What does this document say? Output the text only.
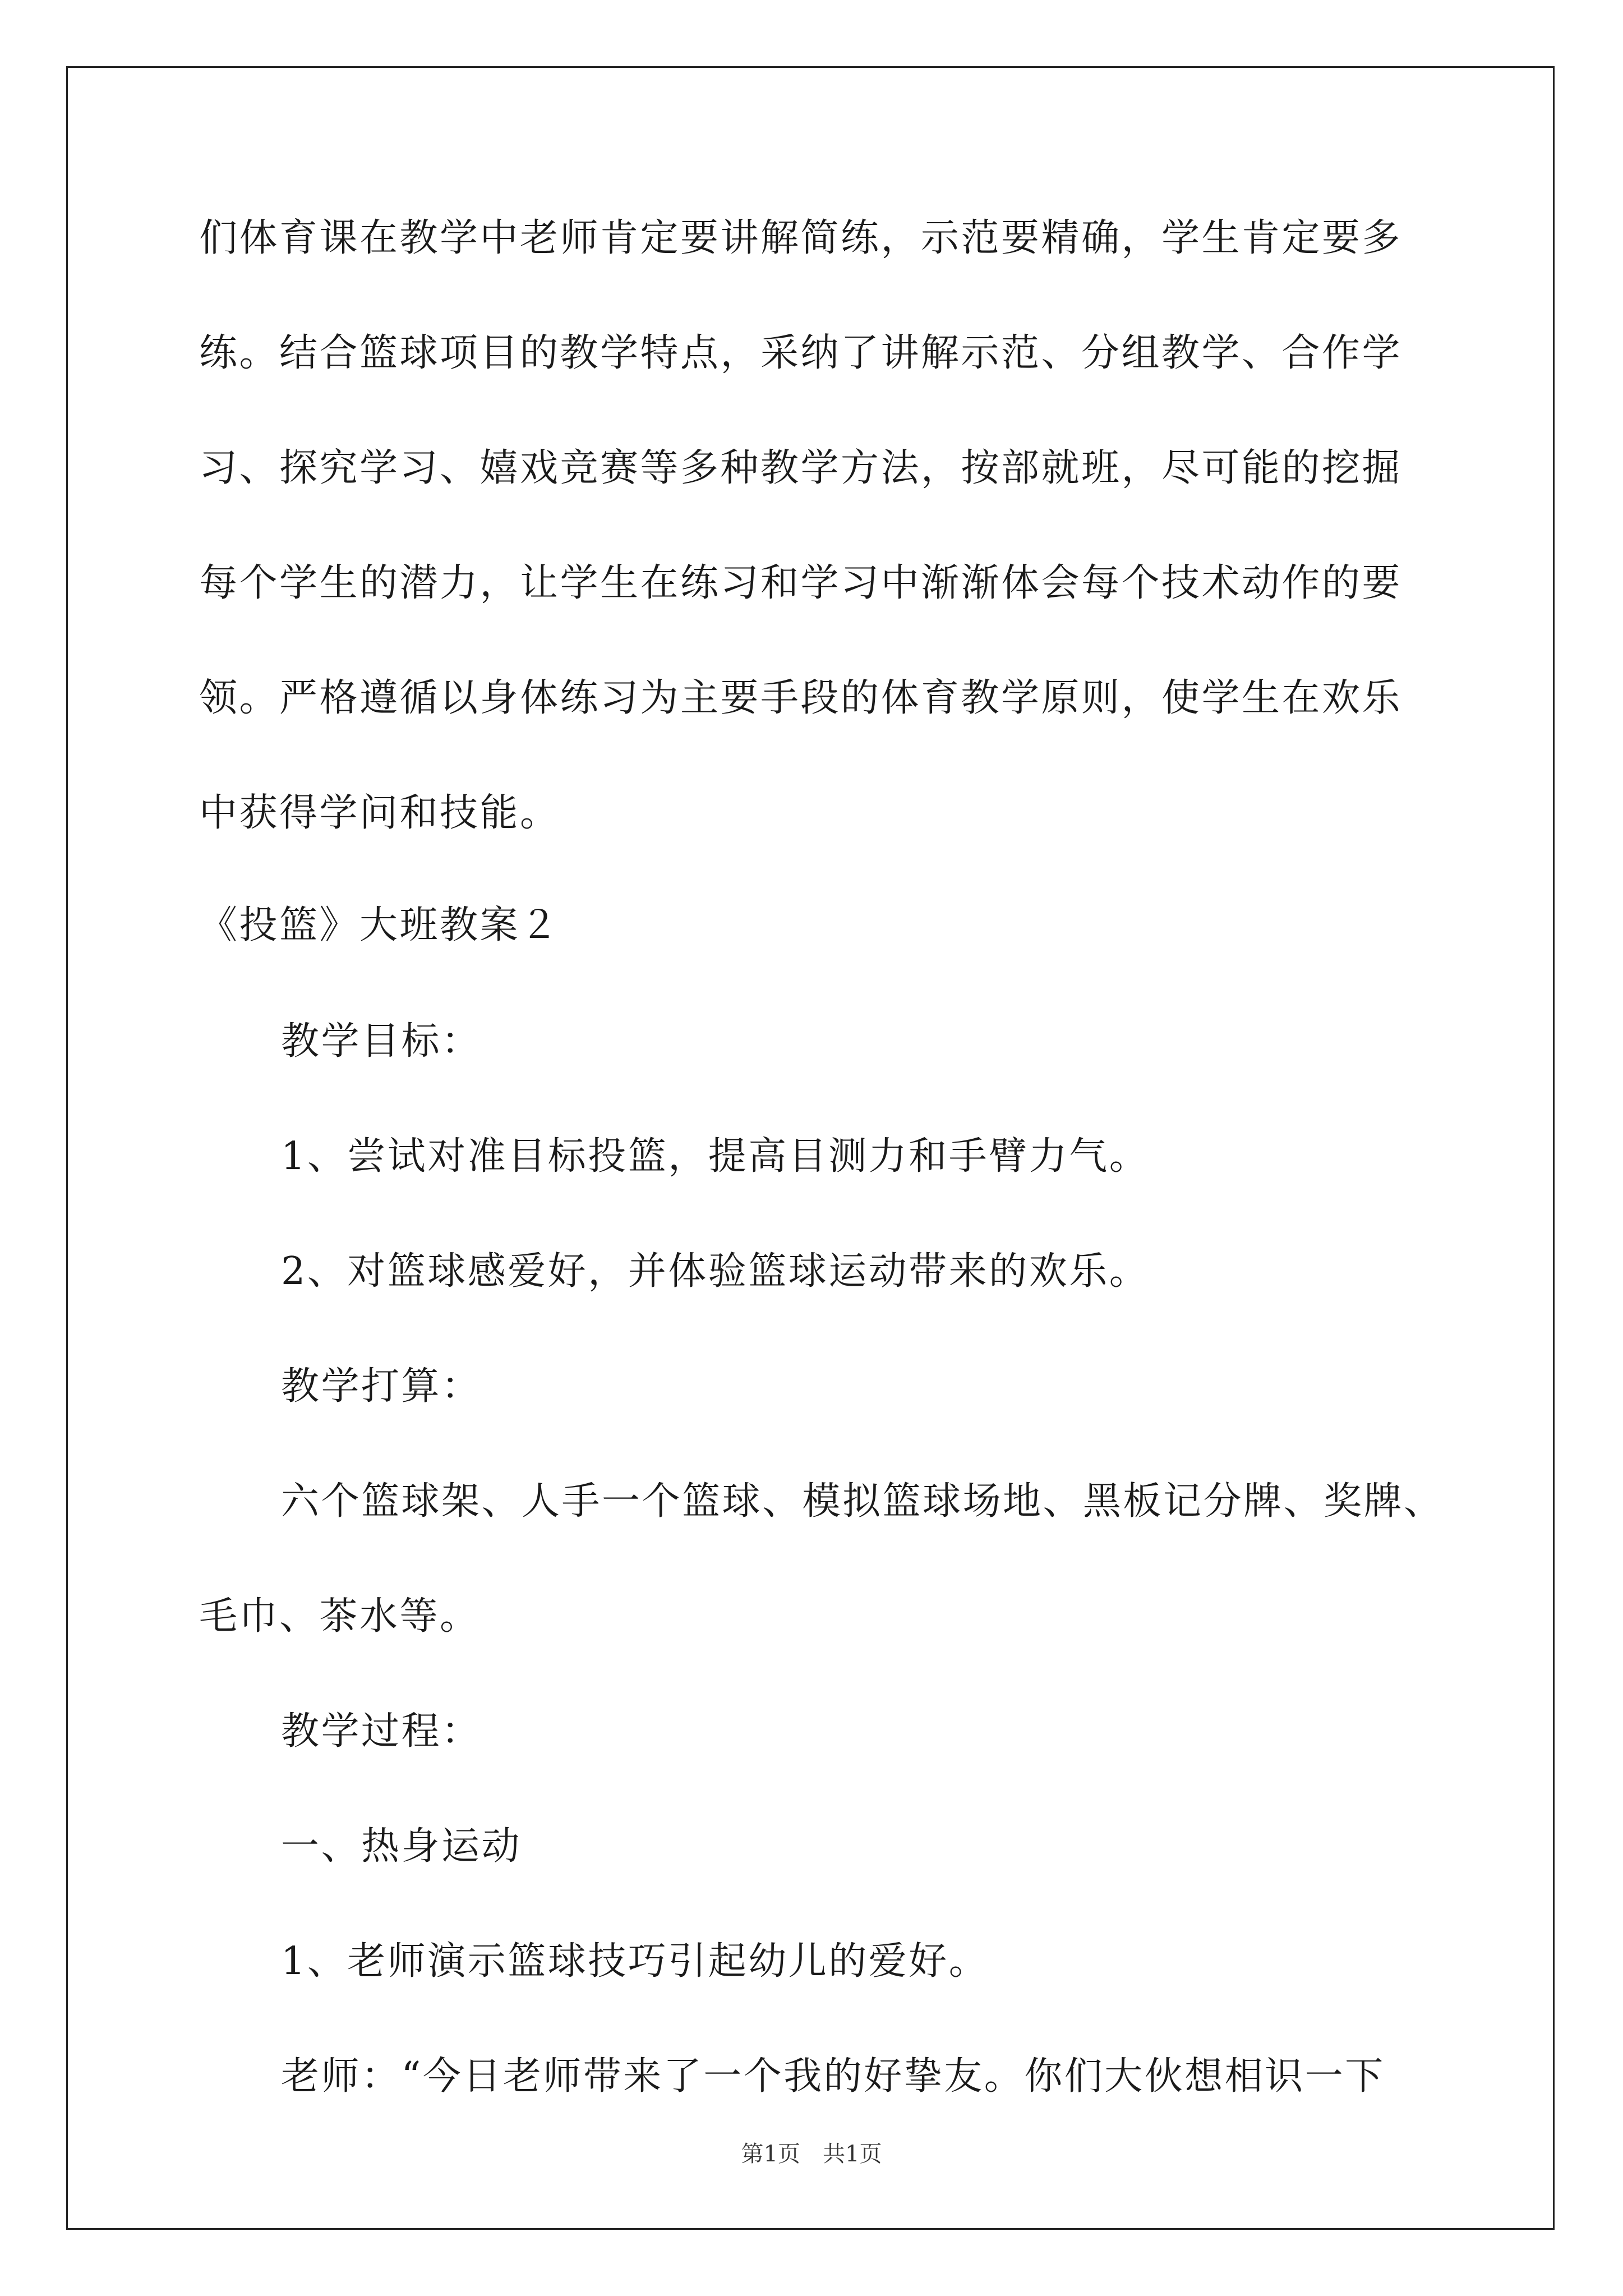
们体育课在教学中老师肯定要讲解简练，示范要精确，学生肯定要多
练。结合篮球项目的教学特点，采纳了讲解示范、分组教学、合作学
习、探究学习、嬉戏竞赛等多种教学方法，按部就班，尽可能的挖掘
每个学生的潜力，让学生在练习和学习中渐渐体会每个技术动作的要
领。严格遵循以身体练习为主要手段的体育教学原则，使学生在欢乐
中获得学问和技能。
《投篮》大班教案２
教学目标：
1、尝试对准目标投篮，提高目测力和手臂力气。
2、对篮球感爱好，并体验篮球运动带来的欢乐。
教学打算：
六个篮球架、人手一个篮球、模拟篮球场地、黑板记分牌、奖牌、
毛巾、茶水等。
教学过程：
一、热身运动
1、老师演示篮球技巧引起幼儿的爱好。
老师：“今日老师带来了一个我的好挚友。你们大伙想相识一下
第1页　共1页
